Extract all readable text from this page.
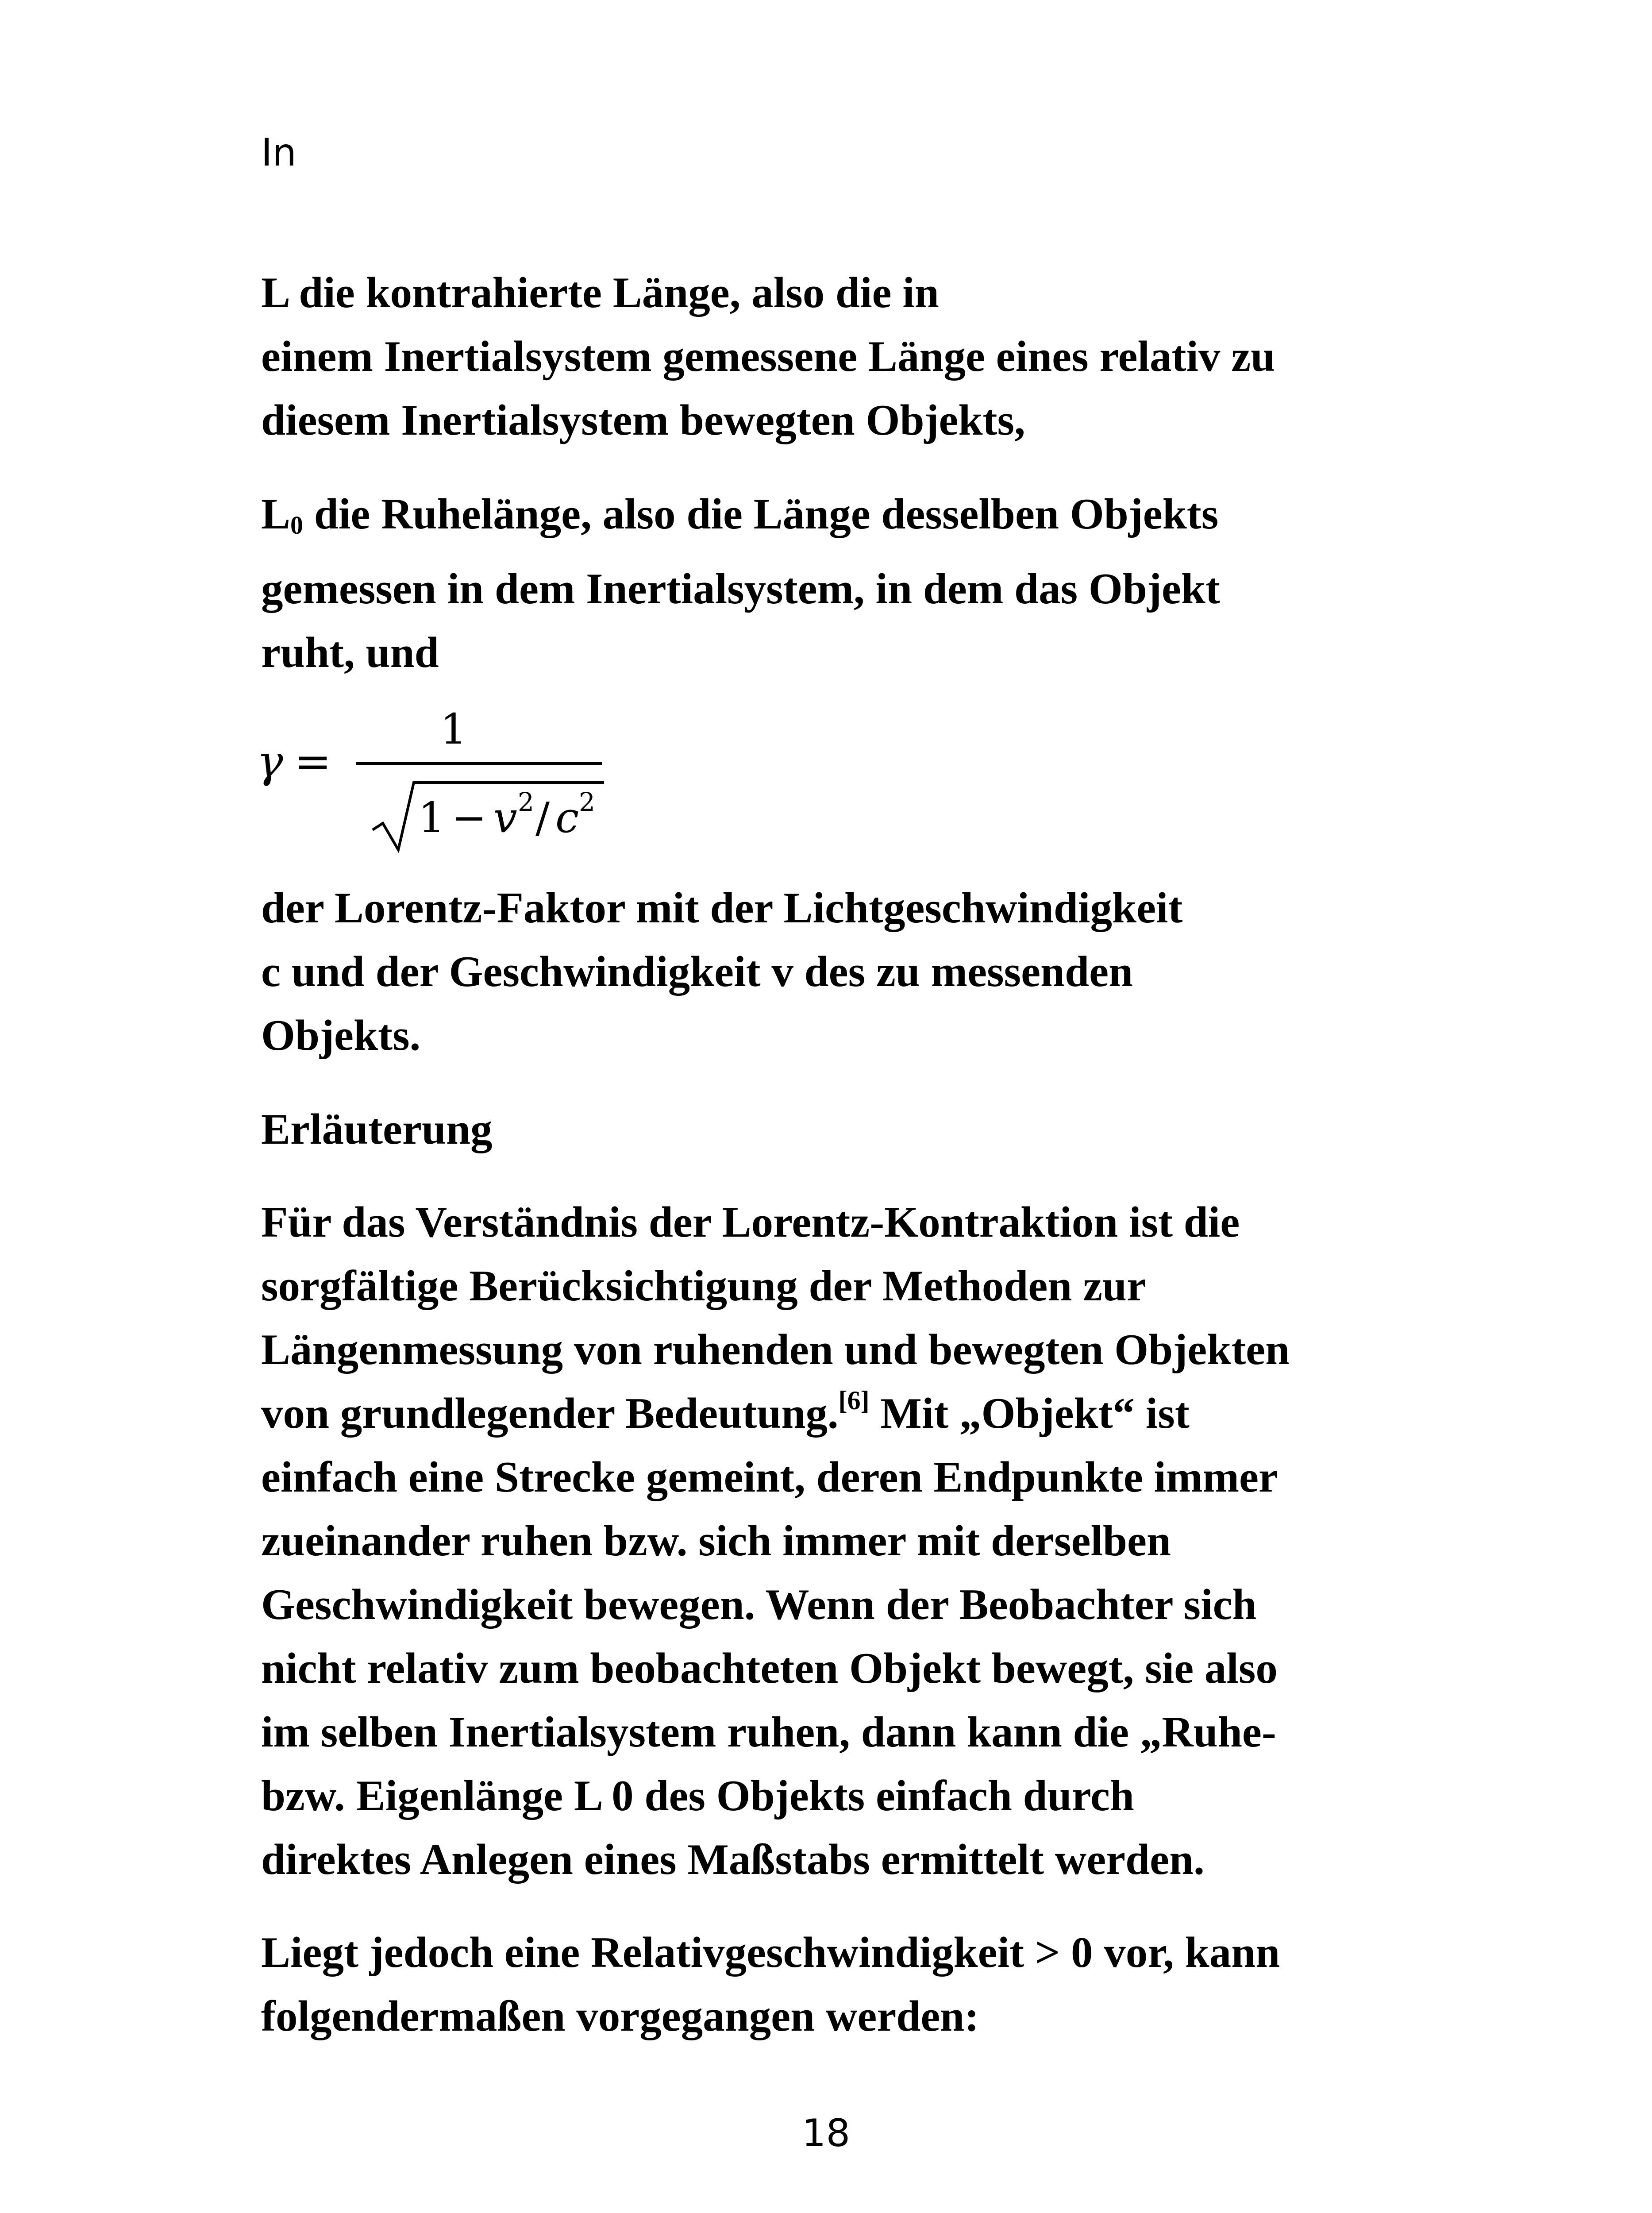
In

L die kontrahierte Länge, also die in
einem Inertialsystem gemessene Länge eines relativ zu
diesem Inertialsystem bewegten Objekts,

$L_0$ die Ruhelänge, also die Länge desselben Objekts
gemessen in dem Inertialsystem, in dem das Objekt
ruht, und

der Lorentz-Faktor mit der Lichtgeschwindigkeit
c und der Geschwindigkeit v des zu messenden
Objekts.

Erläuterung

Für das Verständnis der Lorentz-Kontraktion ist die
sorgfältige Berücksichtigung der Methoden zur
Längenmessung von ruhenden und bewegten Objekten
von grundlegender Bedeutung.[6] Mit „Objekt“ ist
einfach eine Strecke gemeint, deren Endpunkte immer
zueinander ruhen bzw. sich immer mit derselben
Geschwindigkeit bewegen. Wenn der Beobachter sich
nicht relativ zum beobachteten Objekt bewegt, sie also
im selben Inertialsystem ruhen, dann kann die „Ruhe-
bzw. Eigenlänge L 0 des Objekts einfach durch
direktes Anlegen eines Maßstabs ermittelt werden.

Liegt jedoch eine Relativgeschwindigkeit > 0 vor, kann
folgendermaßen vorgegangen werden:

γ =
1
1 − v 2 / c 2
18
